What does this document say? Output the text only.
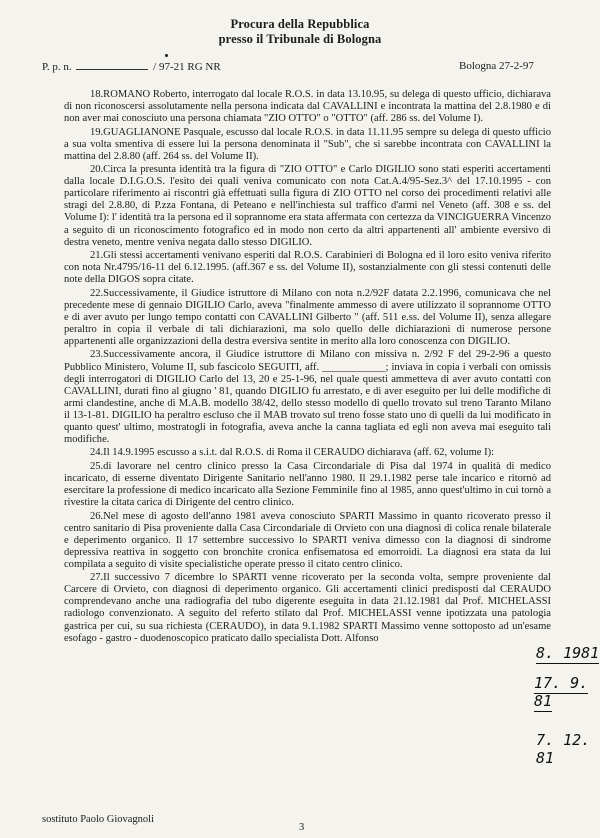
Procura della Repubblica
presso il Tribunale di Bologna
P. p. n.	/ 97-21 RG NR	Bologna 27-2-97

18.ROMANO Roberto, interrogato dal locale R.O.S. in data 13.10.95, su delega di questo ufficio, dichiarava di non riconoscersi assolutamente nella persona indicata dal CAVALLINI e incontrata la mattina del 2.8.1980 e di non aver mai conosciuto una persona chiamata "ZIO OTTO" o "OTTO" (aff. 286 ss. del Volume I).

19.GUAGLIANONE Pasquale, escusso dal locale R.O.S. in data 11.11.95 sempre su delega di questo ufficio a sua volta smentiva di essere lui la persona denominata il "Sub", che si sarebbe incontrata con CAVALLINI la mattina del 2.8.80 (aff. 264 ss. del Volume II).

20.Circa la presunta identità tra la figura di "ZIO OTTO" e Carlo DIGILIO sono stati esperiti accertamenti dalla locale D.I.G.O.S. l'esito dei quali veniva comunicato con nota Cat.A.4/95-Sez.3^ del 17.10.1995 - con particolare riferimento ai riscontri già effettuati sulla figura di ZIO OTTO nel corso dei procedimenti relativi alle stragi del 2.8.80, di P.zza Fontana, di Peteano e nell'inchiesta sul traffico d'armi nel Veneto (aff. 308 e ss. del Volume I): l' identità tra la persona ed il soprannome era stata affermata con certezza da VINCIGUERRA Vincenzo a seguito di un riconoscimento fotografico ed in modo non certo da altri appartenenti all' ambiente eversivo di destra veneto, mentre veniva negata dallo stesso DIGILIO.

21.Gli stessi accertamenti venivano esperiti dal R.O.S. Carabinieri di Bologna ed il loro esito veniva riferito con nota Nr.4795/16-11 del 6.12.1995. (aff.367 e ss. del Volume II), sostanzialmente con gli stessi contenuti delle note della DIGOS sopra citate.

22.Successivamente, il Giudice istruttore di Milano con nota n.2/92F datata 2.2.1996, comunicava che nel precedente mese di gennaio DIGILIO Carlo, aveva "finalmente ammesso di avere utilizzato il soprannome OTTO e di aver avuto per lungo tempo contatti con CAVALLINI Gilberto " (aff. 511 e.ss. del Volume II), senza allegare peraltro in copia il verbale di tali dichiarazioni, ma solo quello delle dichiarazioni di numerose persone appartenenti alle organizzazioni della destra eversiva sentite in merito alla loro conoscenza con DIGILIO.

23.Successivamente ancora, il Giudice istruttore di Milano con missiva n. 2/92 F del 29-2-96 a questo Pubblico Ministero, Volume II, sub fascicolo SEGUITI, aff. ____________; inviava in copia i verbali con omissis degli interrogatori di DIGILIO Carlo del 13, 20 e 25-1-96, nel quale questi ammetteva di aver avuto contatti con CAVALLINI, durati fino al giugno ' 81, quando DIGILIO fu arrestato, e di aver eseguito per lui delle modifiche di armi clandestine, anche di M.A.B. modello 38/42, dello stesso modello di quello trovato sul treno Taranto Milano il 13-1-81. DIGILIO ha peraltro escluso che il MAB trovato sul treno fosse stato uno di quelli da lui modificato in quanto quest' ultimo, mostratogli in fotografia, aveva anche la canna tagliata ed egli non aveva mai eseguito tali modifiche.

24.Il 14.9.1995 escusso a s.i.t. dal R.O.S. di Roma il CERAUDO dichiarava (aff. 62, volume I):

25.di lavorare nel centro clinico presso la Casa Circondariale di Pisa dal 1974 in qualità di medico incaricato, di esserne diventato Dirigente Sanitario nell'anno 1980. Il 29.1.1982 perse tale incarico e ritornò ad esercitare la professione di medico incaricato alla Sezione Femminile fino al 1985, anno quest'ultimo in cui tornò a rivestire la citata carica di Dirigente del centro clinico.

26.Nel mese di agosto dell'anno 1981 aveva conosciuto SPARTI Massimo in quanto ricoverato presso il centro sanitario di Pisa proveniente dalla Casa Circondariale di Orvieto con una diagnosi di colica renale bilaterale e deperimento organico. Il 17 settembre successivo lo SPARTI veniva dimesso con la diagnosi di sindrome depressiva reattiva in soggetto con bronchite cronica enfisematosa ed emorroidi. La diagnosi era stata da lui compilata a seguito di visite specialistiche operate presso il citato centro clinico.

27.Il successivo 7 dicembre lo SPARTI venne ricoverato per la seconda volta, sempre proveniente dal Carcere di Orvieto, con diagnosi di deperimento organico. Gli accertamenti clinici predisposti dal CERAUDO comprendevano anche una radiografia del tubo digerente eseguita in data 21.12.1981 dal Prof. MICHELASSI radiologo convenzionato. A seguito del referto stilato dal Prof. MICHELASSI venne ipotizzata una patologia gastrica per cui, su sua richiesta (CERAUDO), in data 9.1.1982 SPARTI Massimo venne sottoposto ad un'esame esofago - gastro - duodenoscopico praticato dallo specialista Dott. Alfonso

8. 1981
17. 9. 81
7. 12. 81
sostituto Paolo Giovagnoli
3
